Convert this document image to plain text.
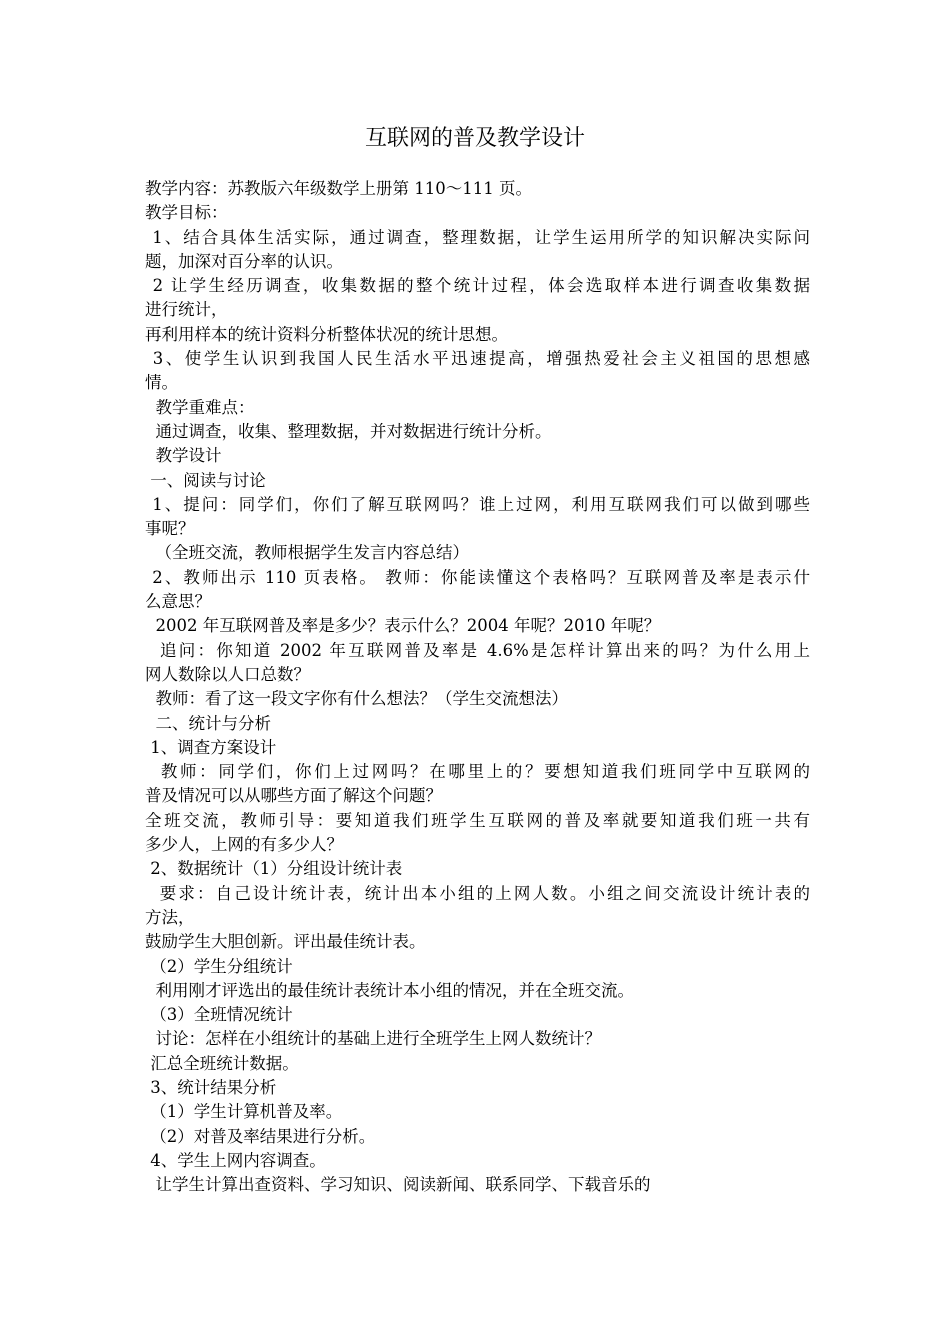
互联网的普及教学设计
教学内容：苏教版六年级数学上册第 110～111 页。
教学目标：
1、结合具体生活实际，通过调查，整理数据，让学生运用所学的知识解决实际问
题，加深对百分率的认识。
2 让学生经历调查，收集数据的整个统计过程，体会选取样本进行调查收集数据
进行统计，
再利用样本的统计资料分析整体状况的统计思想。
3、使学生认识到我国人民生活水平迅速提高，增强热爱社会主义祖国的思想感
情。
教学重难点：
通过调查，收集、整理数据，并对数据进行统计分析。
教学设计
一、阅读与讨论
1、提问：同学们，你们了解互联网吗？谁上过网，利用互联网我们可以做到哪些
事呢？
（全班交流，教师根据学生发言内容总结）
2、教师出示 110 页表格。 教师：你能读懂这个表格吗？互联网普及率是表示什
么意思？
2002 年互联网普及率是多少？表示什么？2004 年呢？2010 年呢？
追问：你知道 2002 年互联网普及率是 4.6%是怎样计算出来的吗？为什么用上
网人数除以人口总数？
教师：看了这一段文字你有什么想法？（学生交流想法）
二、统计与分析
1、调查方案设计
教师：同学们，你们上过网吗？在哪里上的？要想知道我们班同学中互联网的
普及情况可以从哪些方面了解这个问题？
全班交流，教师引导：要知道我们班学生互联网的普及率就要知道我们班一共有
多少人，上网的有多少人？
2、数据统计（1）分组设计统计表
要求：自己设计统计表，统计出本小组的上网人数。小组之间交流设计统计表的
方法，
鼓励学生大胆创新。评出最佳统计表。
（2）学生分组统计
利用刚才评选出的最佳统计表统计本小组的情况，并在全班交流。
（3）全班情况统计
讨论：怎样在小组统计的基础上进行全班学生上网人数统计？
汇总全班统计数据。
3、统计结果分析
（1）学生计算机普及率。
（2）对普及率结果进行分析。
4、学生上网内容调查。
让学生计算出查资料、学习知识、阅读新闻、联系同学、下载音乐的
